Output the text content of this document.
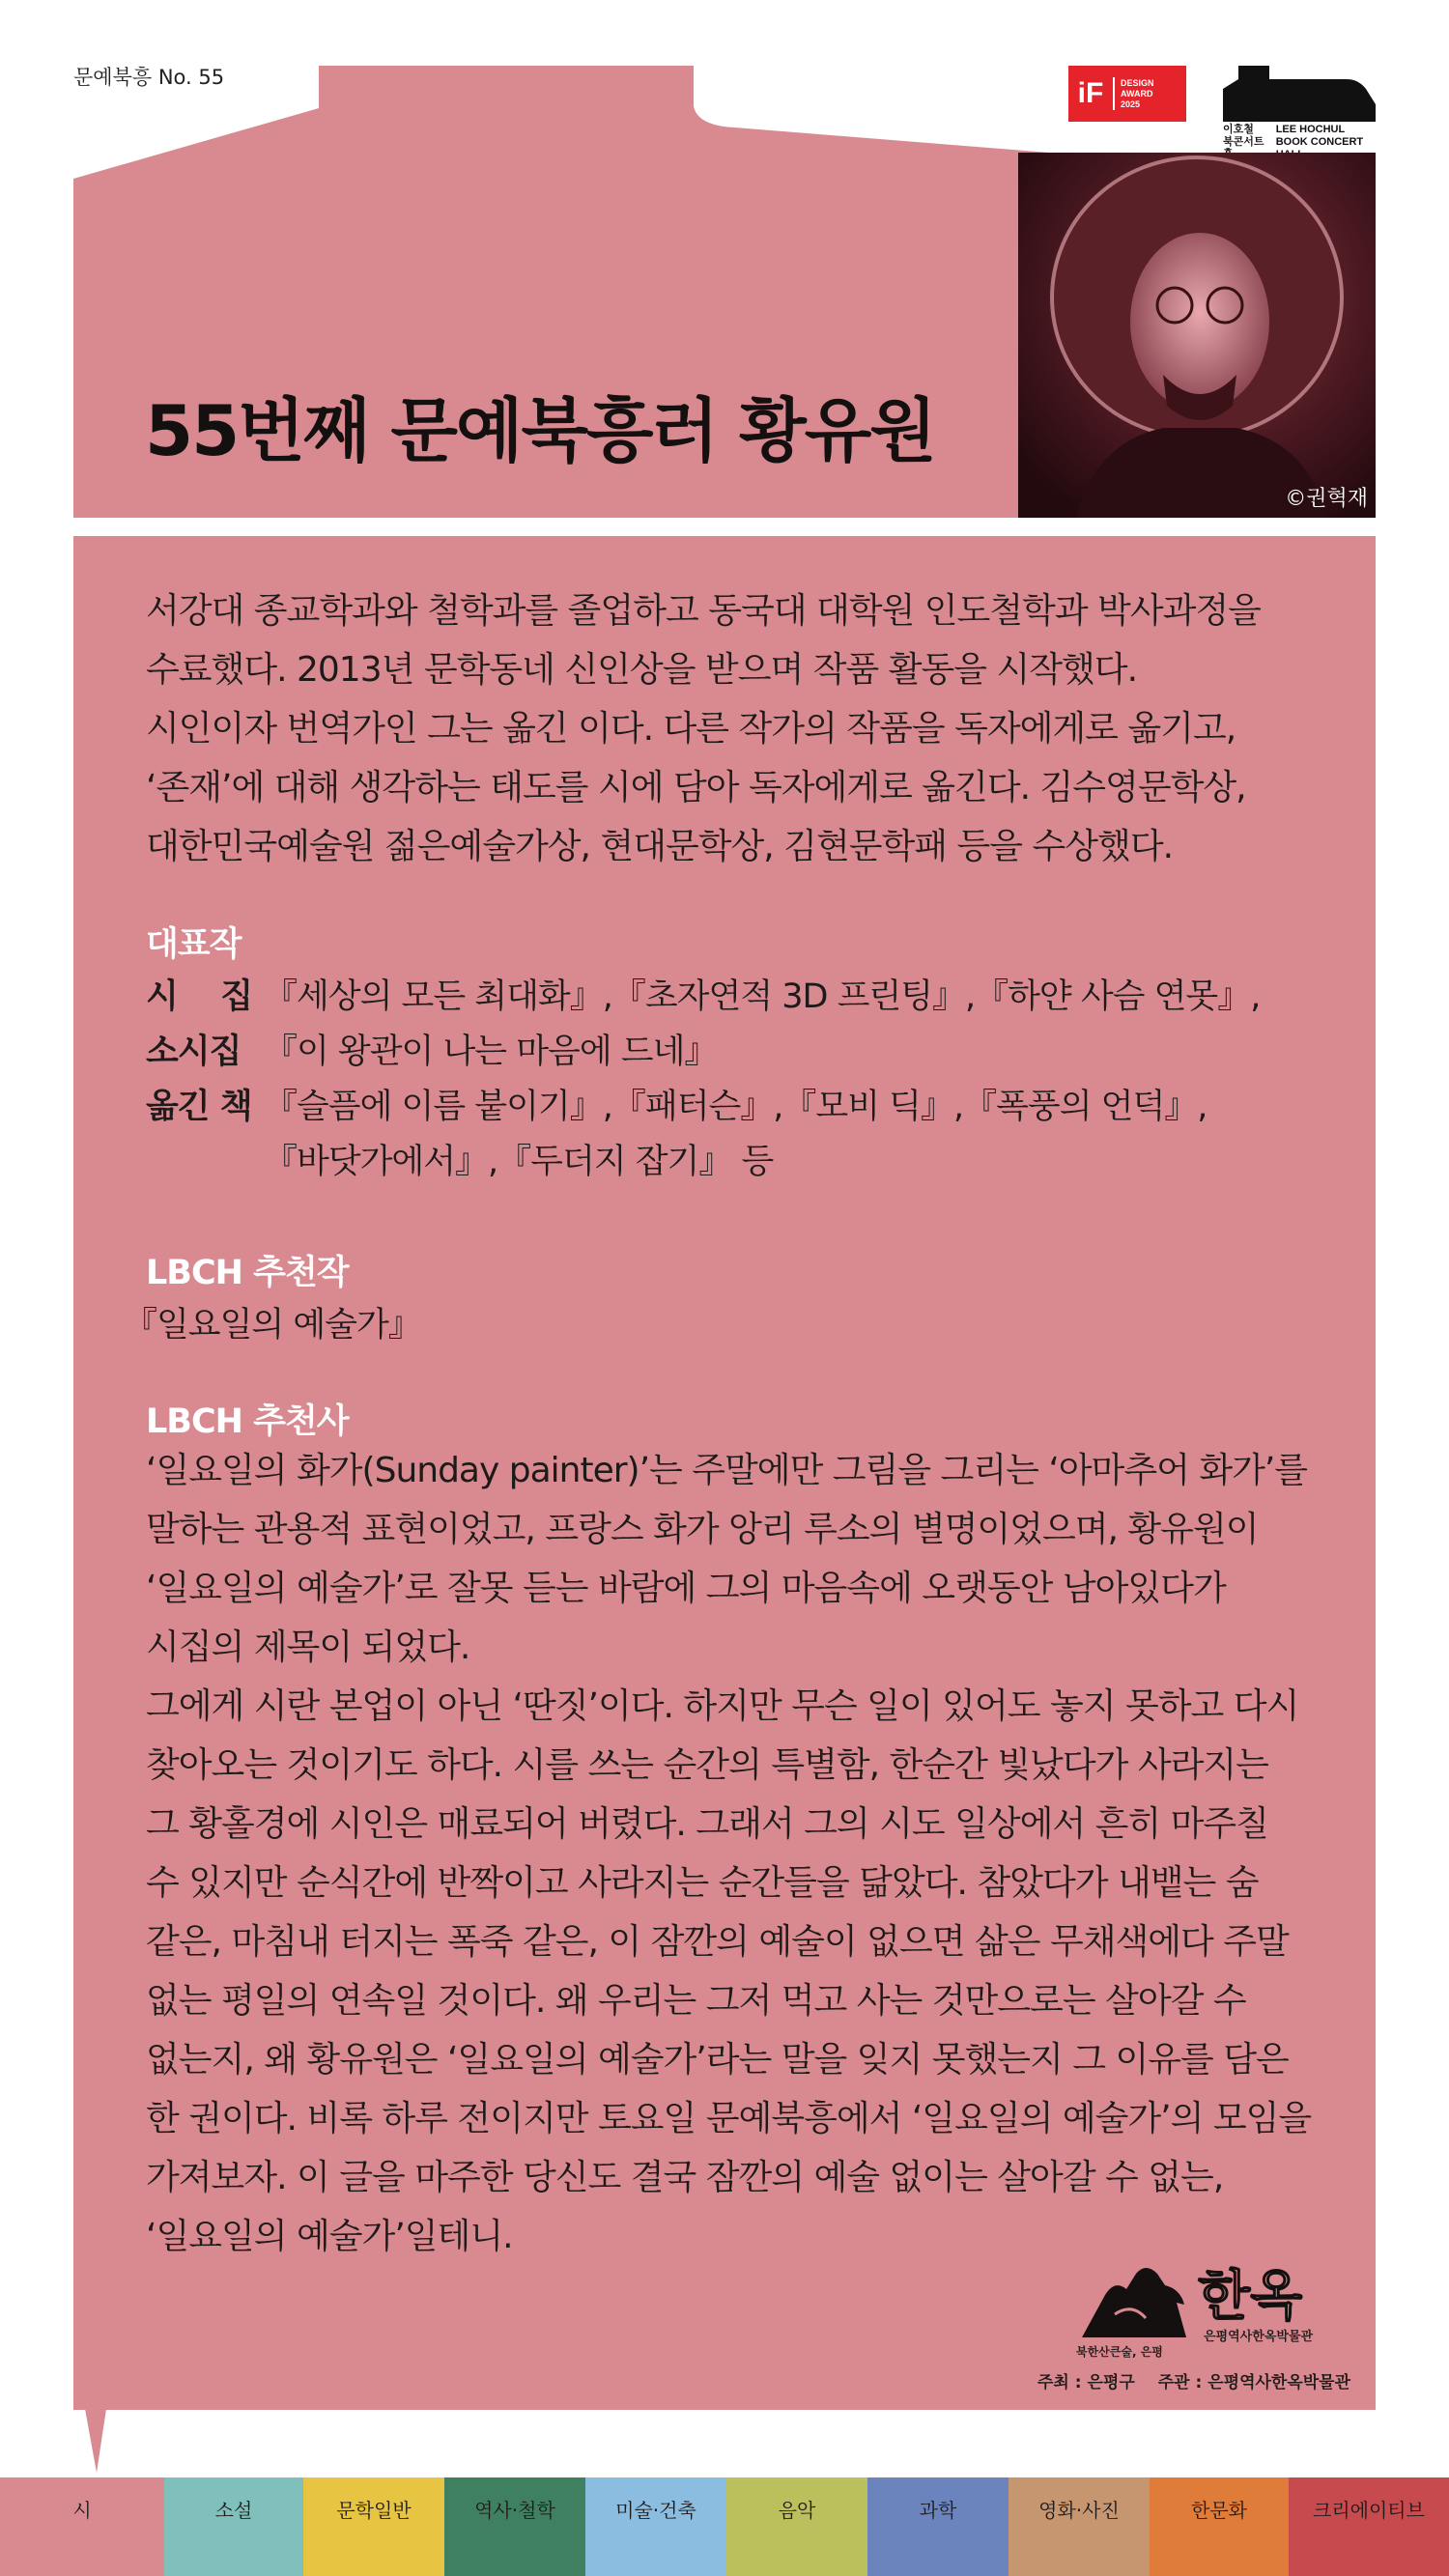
문예북흥 No. 55	iF	DESIGN
AWARD
2025
이호철
북콘서트
LEE HOCHUL
BOOK CONCERT
55번째 문예북흥러 황유원
©권혁재
서강대 종교학과와 철학과를 졸업하고 동국대 대학원 인도철학과 박사과정을
수료했다. 2013년 문학동네 신인상을 받으며 작품 활동을 시작했다.
시인이자 번역가인 그는 옮긴 이다. 다른 작가의 작품을 독자에게로 옮기고,
‘존재’에 대해 생각하는 태도를 시에 담아 독자에게로 옮긴다. 김수영문학상,
대한민국예술원 젊은예술가상, 현대문학상, 김현문학패 등을 수상했다.
대표작
시 집 『세상의 모든 최대화』,『초자연적 3D 프린팅』,『하얀 사슴 연못』,
소시집 『이 왕관이 나는 마음에 드네』
옮긴 책 『슬픔에 이름 붙이기』,『패터슨』,『모비 딕』,『폭풍의 언덕』,
『바닷가에서』,『두더지 잡기』 등
LBCH 추천작
『일요일의 예술가』
LBCH 추천사
‘일요일의 화가(Sunday painter)’는 주말에만 그림을 그리는 ‘아마추어 화가’를
말하는 관용적 표현이었고, 프랑스 화가 앙리 루소의 별명이었으며, 황유원이
‘일요일의 예술가’로 잘못 듣는 바람에 그의 마음속에 오랫동안 남아있다가
시집의 제목이 되었다.
그에게 시란 본업이 아닌 ‘딴짓’이다. 하지만 무슨 일이 있어도 놓지 못하고 다시
찾아오는 것이기도 하다. 시를 쓰는 순간의 특별함, 한순간 빛났다가 사라지는
그 황홀경에 시인은 매료되어 버렸다. 그래서 그의 시도 일상에서 흔히 마주칠
수 있지만 순식간에 반짝이고 사라지는 순간들을 닮았다. 참았다가 내뱉는 숨
같은, 마침내 터지는 폭죽 같은, 이 잠깐의 예술이 없으면 삶은 무채색에다 주말
없는 평일의 연속일 것이다. 왜 우리는 그저 먹고 사는 것만으로는 살아갈 수
없는지, 왜 황유원은 ‘일요일의 예술가’라는 말을 잊지 못했는지 그 이유를 담은
한 권이다. 비록 하루 전이지만 토요일 문예북흥에서 ‘일요일의 예술가’의 모임을
가져보자. 이 글을 마주한 당신도 결국 잠깐의 예술 없이는 살아갈 수 없는,
‘일요일의 예술가’일테니.
북한산큰술, 은평
한옥
은평역사한옥박물관
주최 : 은평구 주관 : 은평역사한옥박물관
시	소설	문학일반	역사·철학	미술·건축	음악	과학	영화·사진	한문화	크리에이티브
